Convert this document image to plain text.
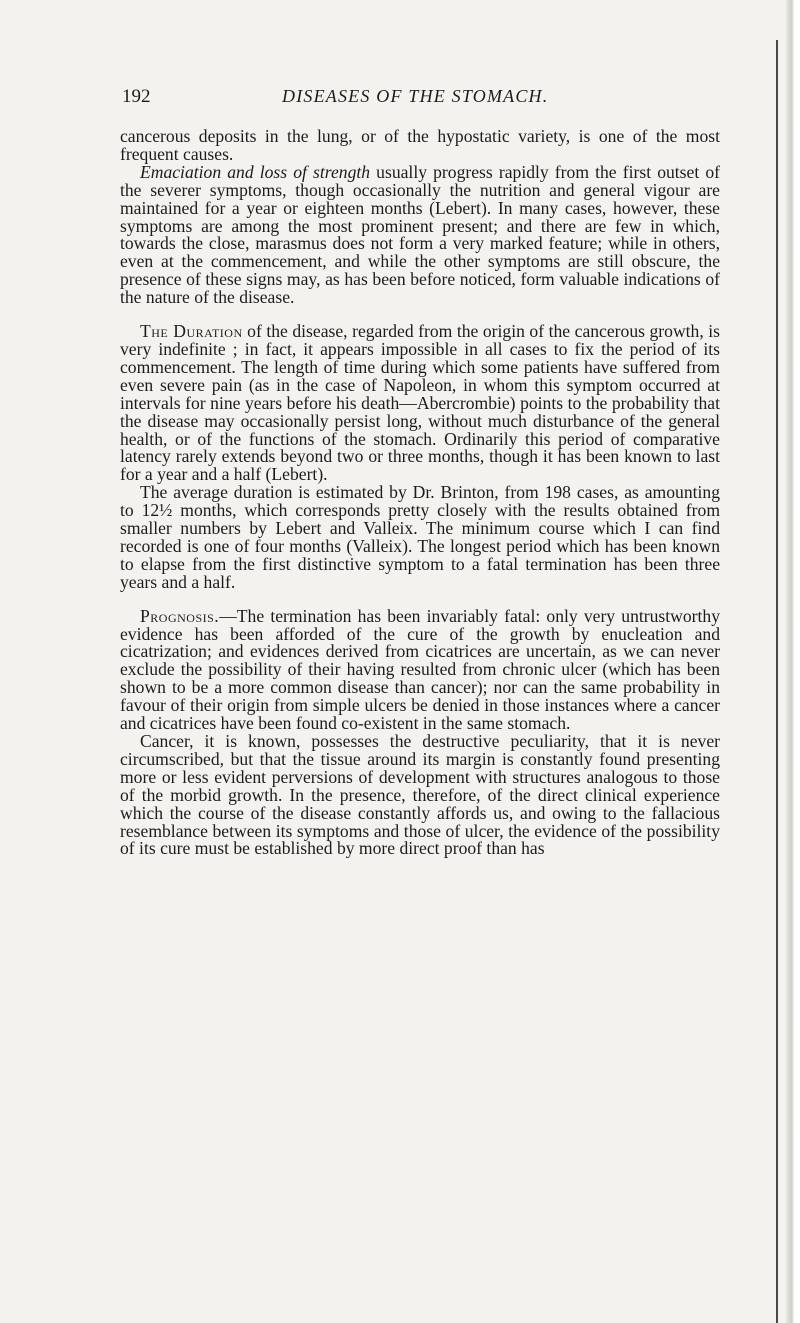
192	DISEASES OF THE STOMACH.

cancerous deposits in the lung, or of the hypostatic variety, is one of the most frequent causes.

Emaciation and loss of strength usually progress rapidly from the first outset of the severer symptoms, though occasionally the nutrition and general vigour are maintained for a year or eighteen months (Lebert). In many cases, however, these symptoms are among the most prominent present; and there are few in which, towards the close, marasmus does not form a very marked feature; while in others, even at the commencement, and while the other symptoms are still obscure, the presence of these signs may, as has been before noticed, form valuable indications of the nature of the disease.

The Duration of the disease, regarded from the origin of the cancerous growth, is very indefinite ; in fact, it appears impossible in all cases to fix the period of its commencement. The length of time during which some patients have suffered from even severe pain (as in the case of Napoleon, in whom this symptom occurred at intervals for nine years before his death—Abercrombie) points to the probability that the disease may occasionally persist long, without much disturbance of the general health, or of the functions of the stomach. Ordinarily this period of comparative latency rarely extends beyond two or three months, though it has been known to last for a year and a half (Lebert).

The average duration is estimated by Dr. Brinton, from 198 cases, as amounting to 12½ months, which corresponds pretty closely with the results obtained from smaller numbers by Lebert and Valleix. The minimum course which I can find recorded is one of four months (Valleix). The longest period which has been known to elapse from the first distinctive symptom to a fatal termination has been three years and a half.

Prognosis.—The termination has been invariably fatal: only very untrustworthy evidence has been afforded of the cure of the growth by enucleation and cicatrization; and evidences derived from cicatrices are uncertain, as we can never exclude the possibility of their having resulted from chronic ulcer (which has been shown to be a more common disease than cancer); nor can the same probability in favour of their origin from simple ulcers be denied in those instances where a cancer and cicatrices have been found co-existent in the same stomach.

Cancer, it is known, possesses the destructive peculiarity, that it is never circumscribed, but that the tissue around its margin is constantly found presenting more or less evident perversions of development with structures analogous to those of the morbid growth. In the presence, therefore, of the direct clinical experience which the course of the disease constantly affords us, and owing to the fallacious resemblance between its symptoms and those of ulcer, the evidence of the possibility of its cure must be established by more direct proof than has
